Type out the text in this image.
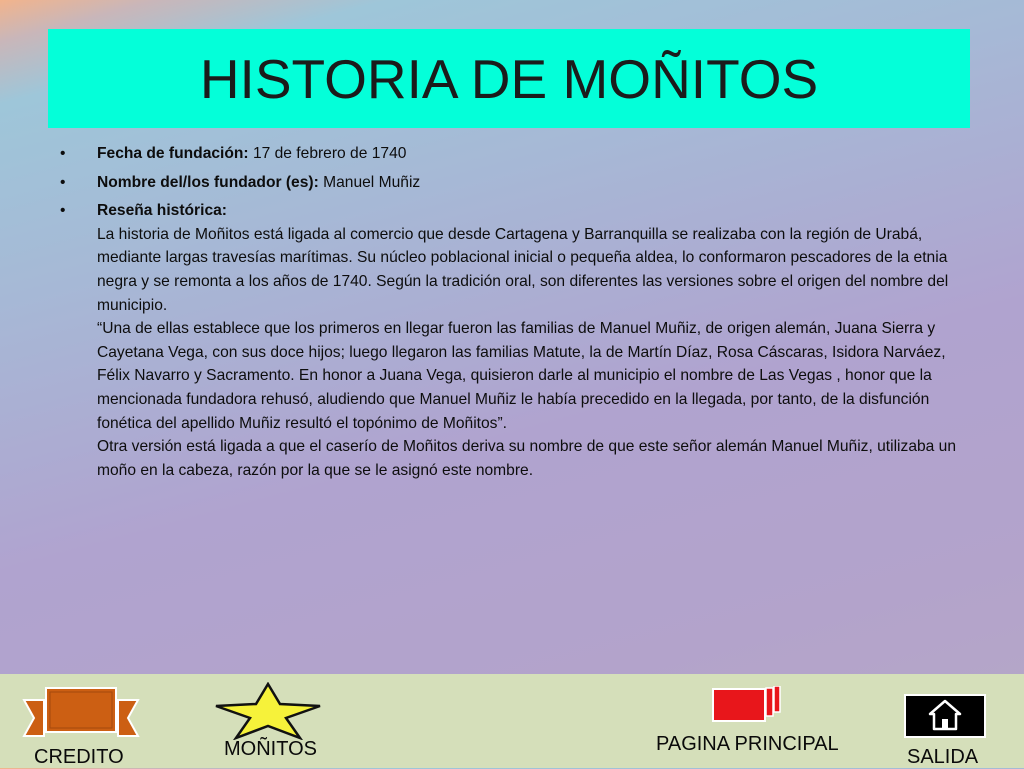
HISTORIA DE MOÑITOS
• Fecha de fundación: 17 de febrero de 1740
• Nombre del/los fundador (es): Manuel Muñiz
• Reseña histórica:
La historia de Moñitos está ligada al comercio que desde Cartagena y Barranquilla se realizaba con la región de Urabá, mediante largas travesías marítimas. Su núcleo poblacional inicial o pequeña aldea, lo conformaron pescadores de la etnia negra y se remonta a los años de 1740. Según la tradición oral, son diferentes las versiones sobre el origen del nombre del municipio.
“Una de ellas establece que los primeros en llegar fueron las familias de Manuel Muñiz, de origen alemán, Juana Sierra y Cayetana Vega, con sus doce hijos; luego llegaron las familias Matute, la de Martín Díaz, Rosa Cáscaras, Isidora Narváez, Félix Navarro y Sacramento. En honor a Juana Vega, quisieron darle al municipio el nombre de Las Vegas , honor que la mencionada fundadora rehusó, aludiendo que Manuel Muñiz le había precedido en la llegada, por tanto, de la disfunción fonética del apellido Muñiz resultó el topónimo de Moñitos”.
Otra versión está ligada a que el caserío de Moñitos deriva su nombre de que este señor alemán Manuel Muñiz, utilizaba un moño en la cabeza, razón por la que se le asignó este nombre.
CREDITO	MOÑITOS	PAGINA PRINCIPAL
SALIDA
